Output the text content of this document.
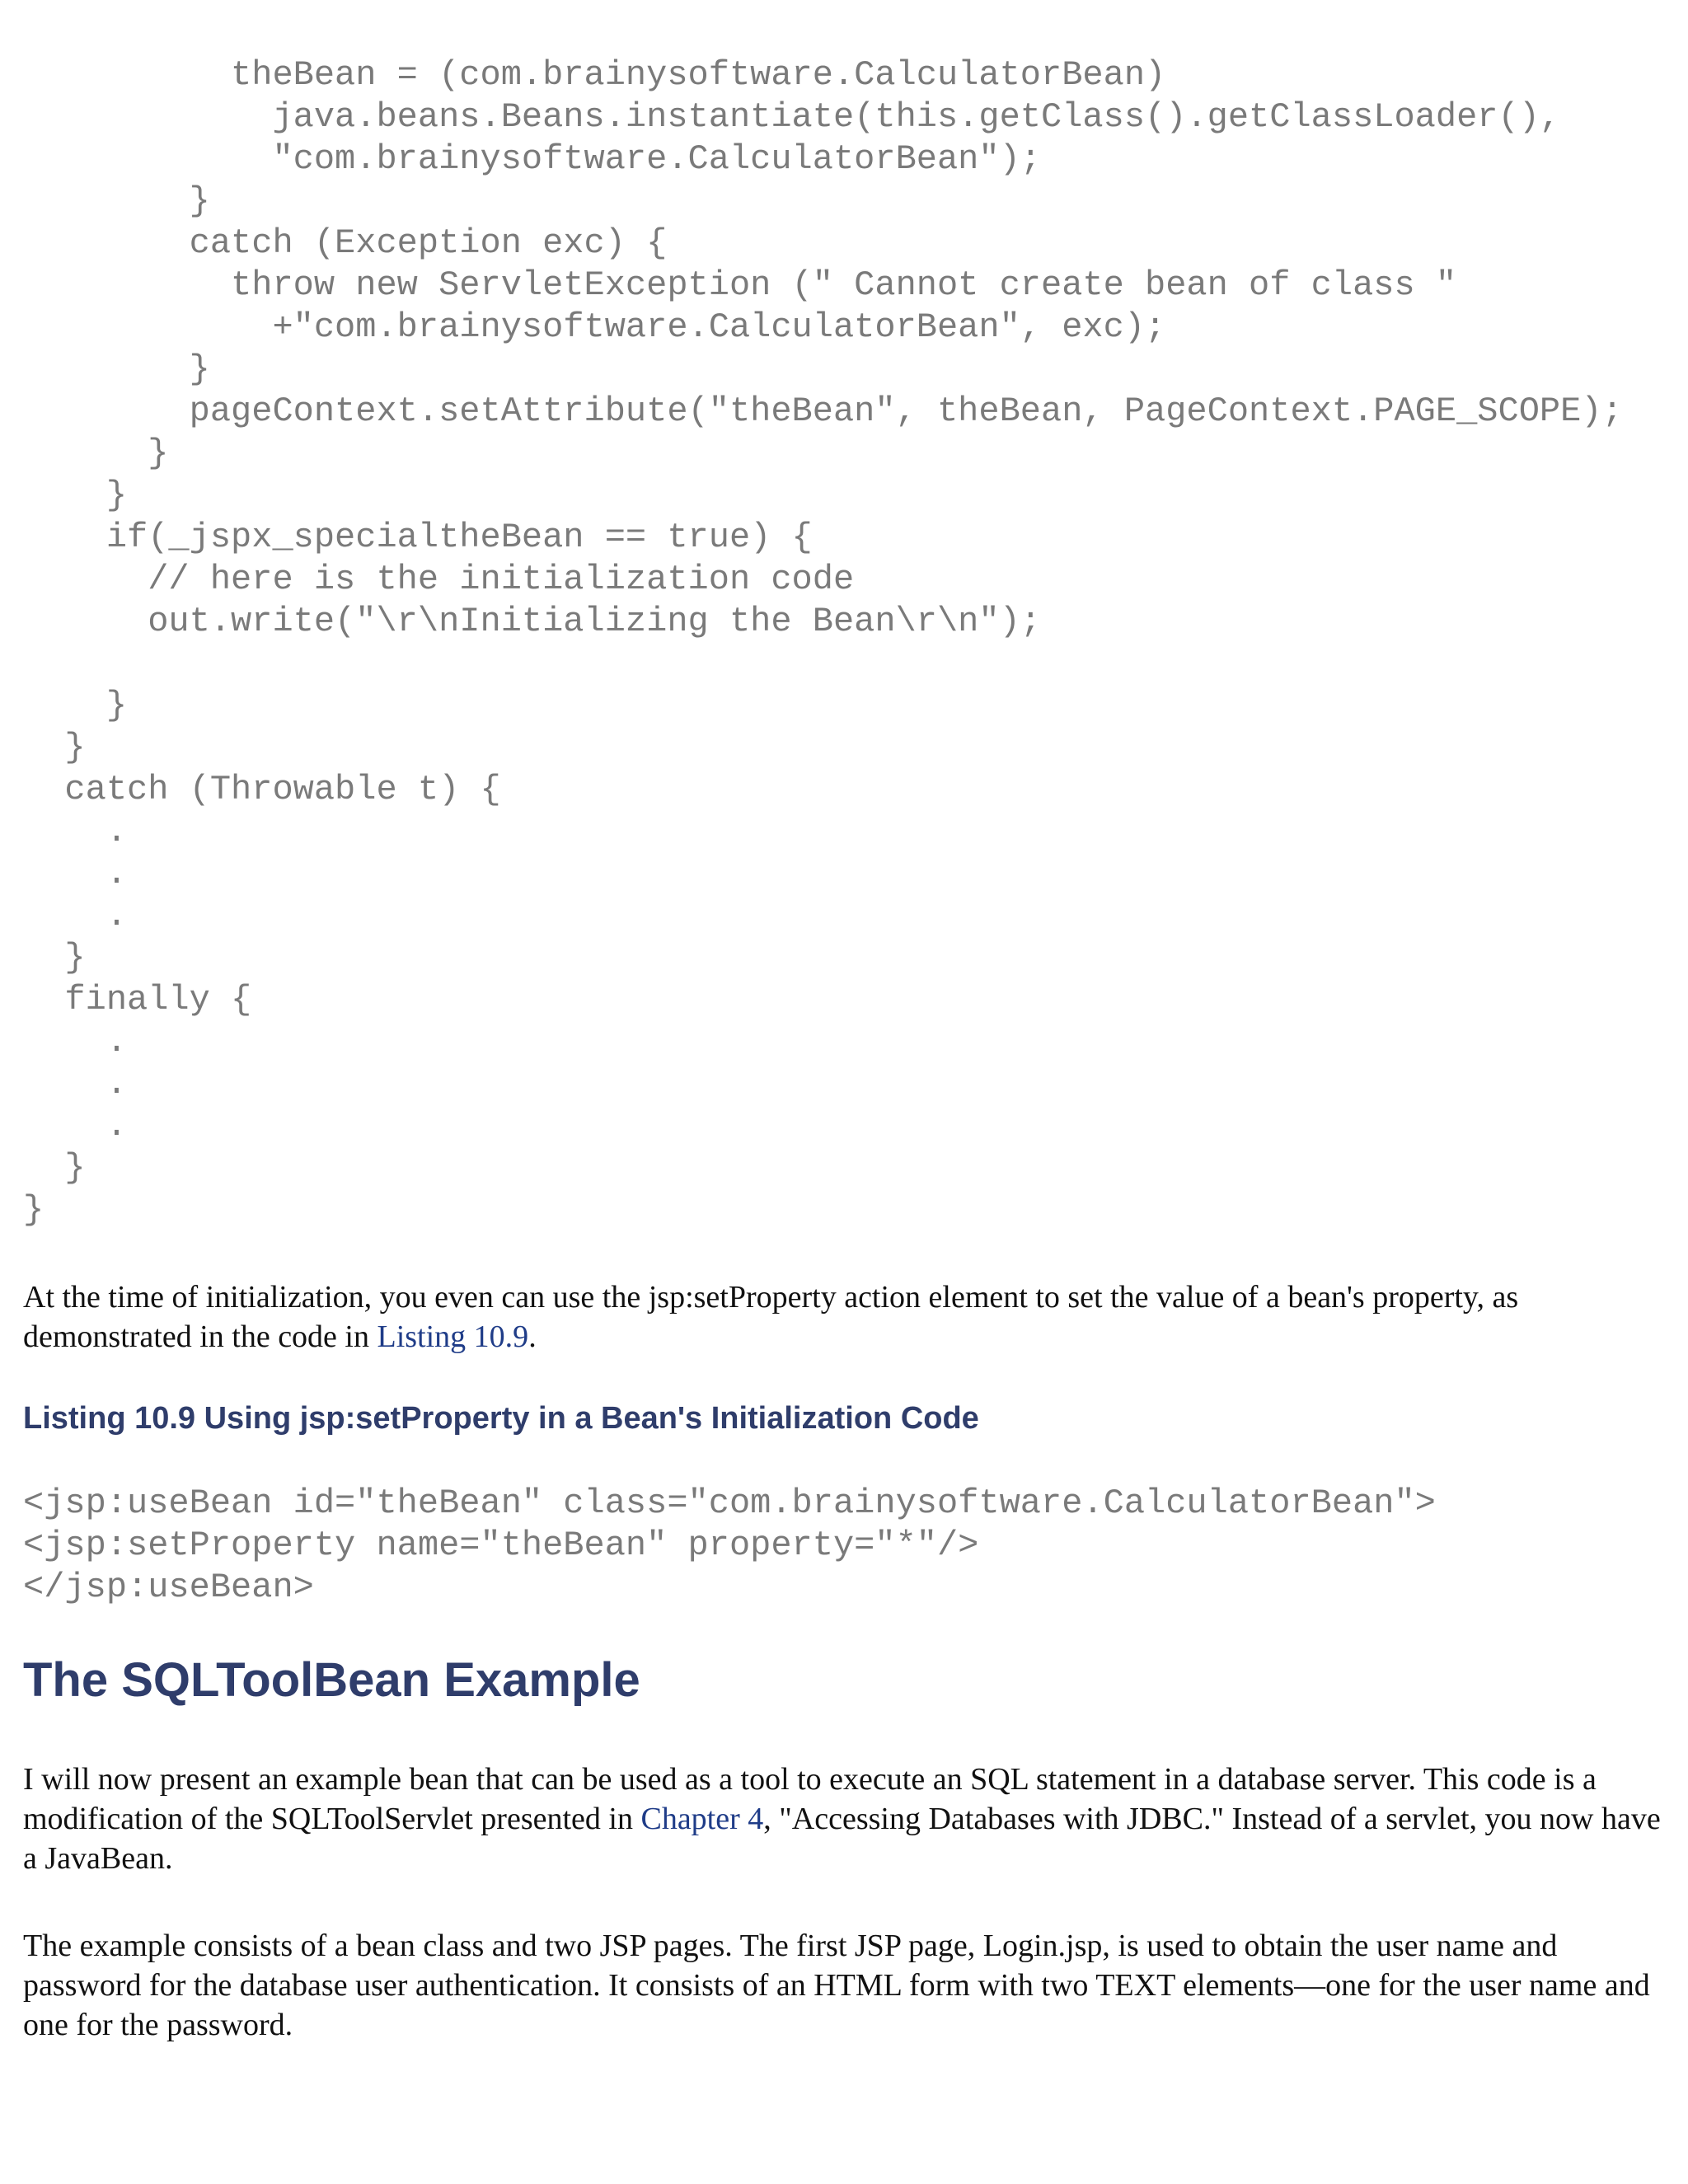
theBean = (com.brainysoftware.CalculatorBean)
java.beans.Beans.instantiate(this.getClass().getClassLoader(),
"com.brainysoftware.CalculatorBean");
}
catch (Exception exc) {
throw new ServletException (" Cannot create bean of class "
+"com.brainysoftware.CalculatorBean", exc);
}
pageContext.setAttribute("theBean", theBean, PageContext.PAGE_SCOPE);
}
}
if(_jspx_specialtheBean == true) {
// here is the initialization code
out.write("\r\nInitializing the Bean\r\n");

}
}
catch (Throwable t) {
.
.
.
}
finally {
.
.
.
}
}

At the time of initialization, you even can use the jsp:setProperty action element to set the value of a bean's property, as demonstrated in the code in Listing 10.9.

Listing 10.9 Using jsp:setProperty in a Bean's Initialization Code
<jsp:useBean id="theBean" class="com.brainysoftware.CalculatorBean">
<jsp:setProperty name="theBean" property="*"/>
</jsp:useBean>
The SQLToolBean Example

I will now present an example bean that can be used as a tool to execute an SQL statement in a database server. This code is a modification of the SQLToolServlet presented in Chapter 4, "Accessing Databases with JDBC." Instead of a servlet, you now have a JavaBean.

The example consists of a bean class and two JSP pages. The first JSP page, Login.jsp, is used to obtain the user name and password for the database user authentication. It consists of an HTML form with two TEXT elements—one for the user name and one for the password.
